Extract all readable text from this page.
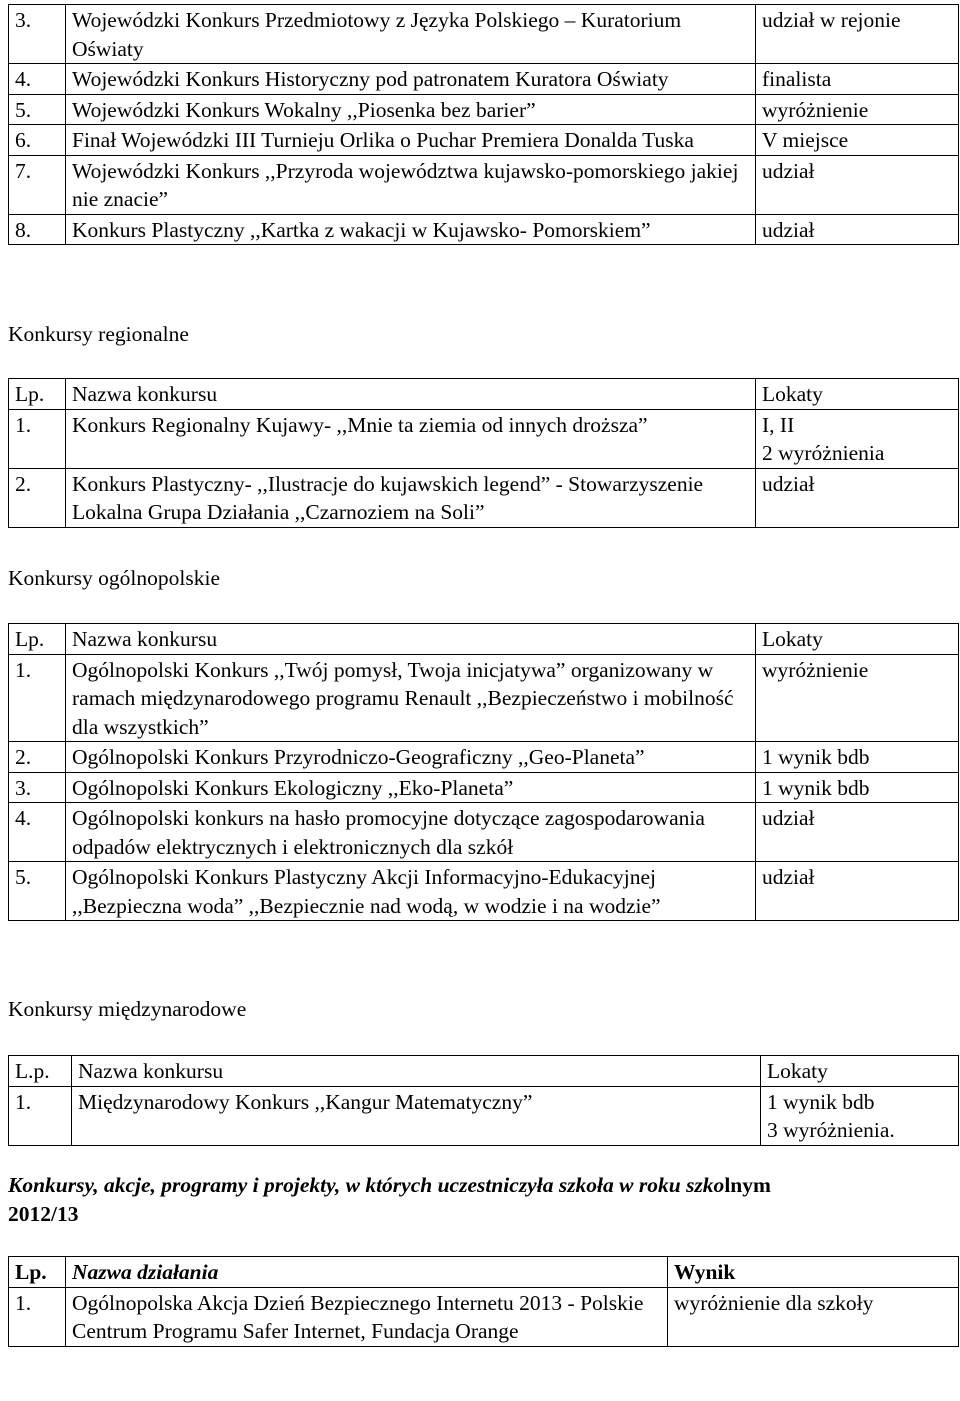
3.	Wojewódzki Konkurs Przedmiotowy z Języka Polskiego – Kuratorium Oświaty	udział w rejonie
4.	Wojewódzki Konkurs Historyczny pod patronatem Kuratora Oświaty	finalista
5.	Wojewódzki Konkurs Wokalny ,,Piosenka bez barier”	wyróżnienie
6.	Finał Wojewódzki III Turnieju Orlika o Puchar Premiera Donalda Tuska	V miejsce
7.	Wojewódzki Konkurs ,,Przyroda województwa kujawsko-pomorskiego jakiej nie znacie”	udział
8.	Konkurs Plastyczny ,,Kartka z wakacji w Kujawsko- Pomorskiem”	udział
Konkursy regionalne
Lp.	Nazwa konkursu	Lokaty
1.	Konkurs Regionalny Kujawy- ,,Mnie ta ziemia od innych droższa”	I, II
2 wyróżnienia

2.	Konkurs Plastyczny- ,,Ilustracje do kujawskich legend” - Stowarzyszenie Lokalna Grupa Działania ,,Czarnoziem na Soli”	udział
Konkursy ogólnopolskie
Lp.	Nazwa konkursu	Lokaty
1.	Ogólnopolski Konkurs ,,Twój pomysł, Twoja inicjatywa” organizowany w ramach międzynarodowego programu Renault ,,Bezpieczeństwo i mobilność dla wszystkich”	wyróżnienie
2.	Ogólnopolski Konkurs Przyrodniczo-Geograficzny ,,Geo-Planeta”	1 wynik bdb
3.	Ogólnopolski Konkurs Ekologiczny ,,Eko-Planeta”	1 wynik bdb
4.	Ogólnopolski konkurs na hasło promocyjne dotyczące zagospodarowania odpadów elektrycznych i elektronicznych dla szkół	udział
5.	Ogólnopolski Konkurs Plastyczny Akcji Informacyjno-Edukacyjnej ,,Bezpieczna woda” ,,Bezpiecznie nad wodą, w wodzie i na wodzie”	udział
Konkursy międzynarodowe
L.p.	Nazwa konkursu	Lokaty
1.	Międzynarodowy Konkurs ,,Kangur Matematyczny”	1 wynik bdb
3 wyróżnienia.
Konkursy, akcje, programy i projekty, w których uczestniczyła szkoła w roku szkolnym
2012/13
Lp.	Nazwa działania	Wynik
1.	Ogólnopolska Akcja Dzień Bezpiecznego Internetu 2013 - Polskie Centrum Programu Safer Internet, Fundacja Orange	wyróżnienie dla szkoły
